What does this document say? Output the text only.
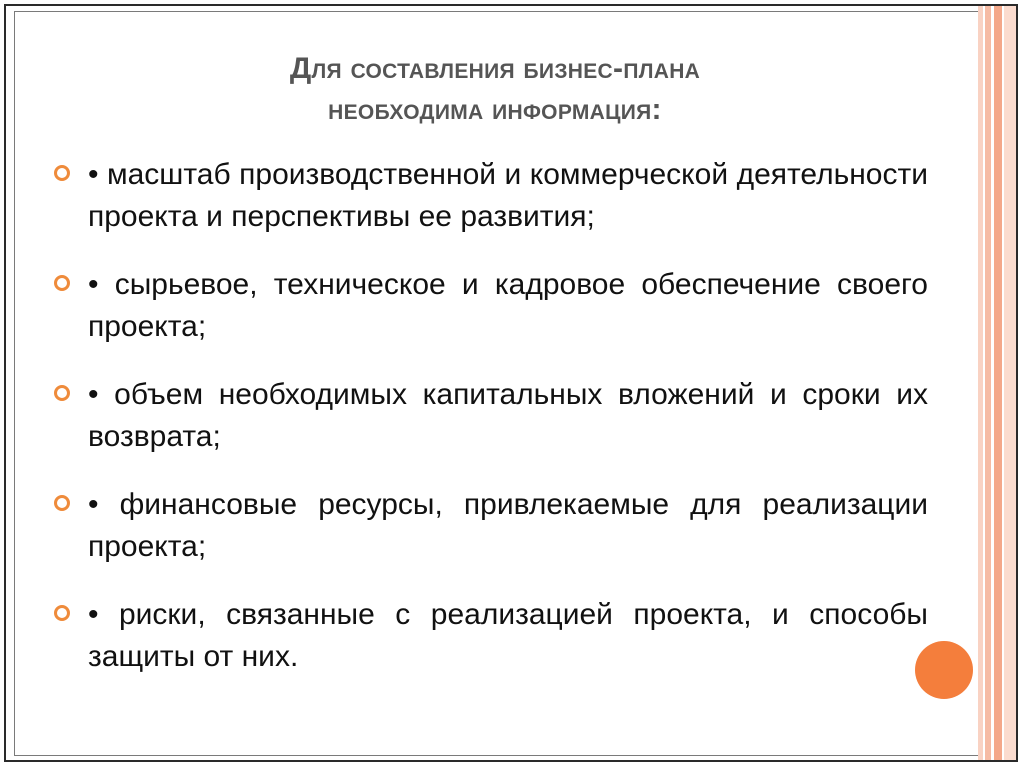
Для составления бизнес-плана
необходима информация:
• масштаб производственной и коммерческой деятельности проекта и перспективы ее развития;
• сырьевое, техническое и кадровое обеспечение своего проекта;
• объем необходимых капитальных вложений и сроки их возврата;
• финансовые ресурсы, привлекаемые для реализации проекта;
• риски, связанные с реализацией проекта, и способы защиты от них.
